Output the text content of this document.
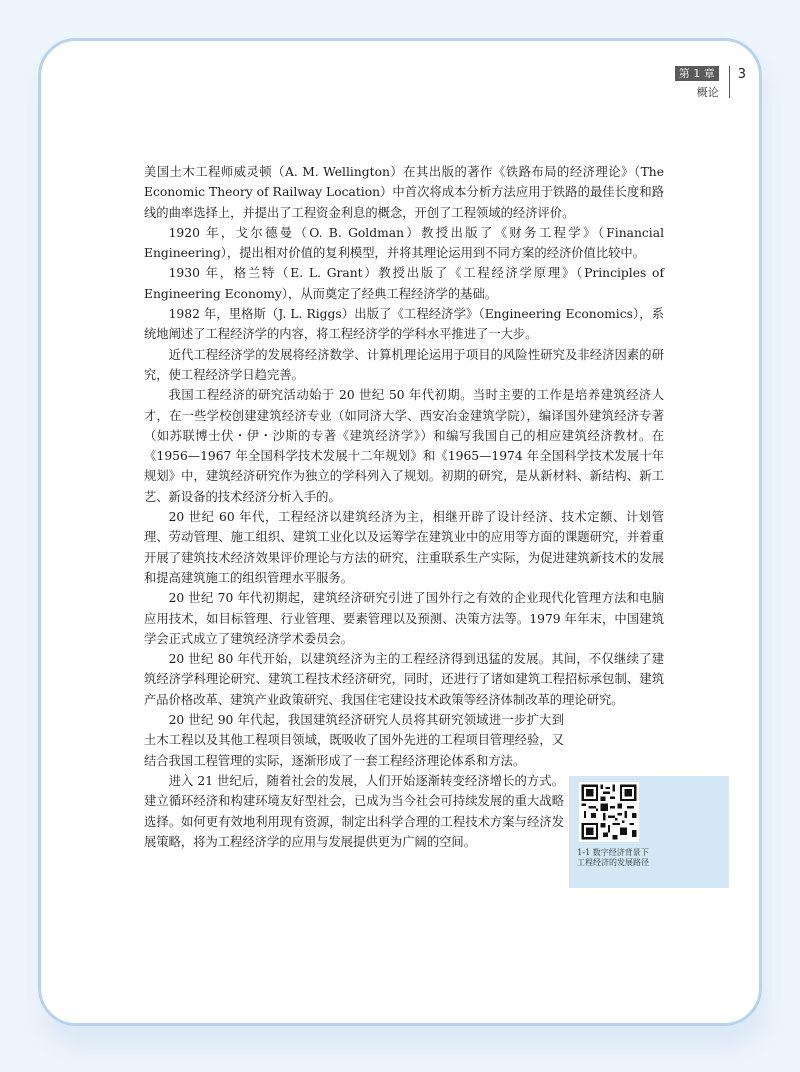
第 1 章
概论
3

美国土木工程师威灵顿（A. M. Wellington）在其出版的著作《铁路布局的经济理论》（The Economic Theory of Railway Location）中首次将成本分析方法应用于铁路的最佳长度和路线的曲率选择上，并提出了工程资金利息的概念，开创了工程领域的经济评价。

1920 年，戈尔德曼（O. B. Goldman）教授出版了《财务工程学》（Financial Engineering），提出相对价值的复利模型，并将其理论运用到不同方案的经济价值比较中。

1930 年，格兰特（E. L. Grant）教授出版了《工程经济学原理》（Principles of Engineering Economy），从而奠定了经典工程经济学的基础。

1982 年，里格斯（J. L. Riggs）出版了《工程经济学》（Engineering Economics），系统地阐述了工程经济学的内容，将工程经济学的学科水平推进了一大步。

近代工程经济学的发展将经济数学、计算机理论运用于项目的风险性研究及非经济因素的研究，使工程经济学日趋完善。

我国工程经济的研究活动始于 20 世纪 50 年代初期。当时主要的工作是培养建筑经济人才，在一些学校创建建筑经济专业（如同济大学、西安冶金建筑学院），编译国外建筑经济专著（如苏联博士伏・伊・沙斯的专著《建筑经济学》）和编写我国自己的相应建筑经济教材。在《1956—1967 年全国科学技术发展十二年规划》和《1965—1974 年全国科学技术发展十年规划》中，建筑经济研究作为独立的学科列入了规划。初期的研究，是从新材料、新结构、新工艺、新设备的技术经济分析入手的。

20 世纪 60 年代，工程经济以建筑经济为主，相继开辟了设计经济、技术定额、计划管理、劳动管理、施工组织、建筑工业化以及运筹学在建筑业中的应用等方面的课题研究，并着重开展了建筑技术经济效果评价理论与方法的研究，注重联系生产实际，为促进建筑新技术的发展和提高建筑施工的组织管理水平服务。

20 世纪 70 年代初期起，建筑经济研究引进了国外行之有效的企业现代化管理方法和电脑应用技术，如目标管理、行业管理、要素管理以及预测、决策方法等。1979 年年末，中国建筑学会正式成立了建筑经济学术委员会。

20 世纪 80 年代开始，以建筑经济为主的工程经济得到迅猛的发展。其间，不仅继续了建筑经济学科理论研究、建筑工程技术经济研究，同时，还进行了诸如建筑工程招标承包制、建筑产品价格改革、建筑产业政策研究、我国住宅建设技术政策等经济体制改革的理论研究。

20 世纪 90 年代起，我国建筑经济研究人员将其研究领域进一步扩大到土木工程以及其他工程项目领域，既吸收了国外先进的工程项目管理经验，又结合我国工程管理的实际，逐渐形成了一套工程经济理论体系和方法。

进入 21 世纪后，随着社会的发展，人们开始逐渐转变经济增长的方式。建立循环经济和构建环境友好型社会，已成为当今社会可持续发展的重大战略选择。如何更有效地利用现有资源，制定出科学合理的工程技术方案与经济发展策略，将为工程经济学的应用与发展提供更为广阔的空间。

1-1 数字经济背景下工程经济的发展路径
